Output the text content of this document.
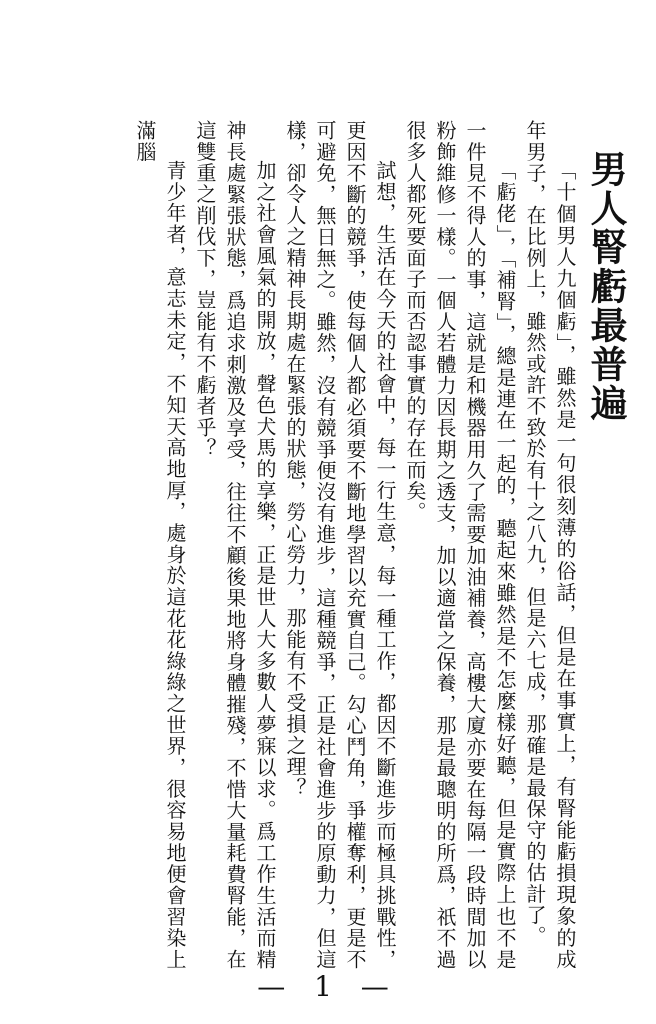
男人腎虧最普遍

「十個男人九個虧」，雖然是一句很刻薄的俗話，但是在事實上，有腎能虧損現象的成年男子，在比例上，雖然或許不致於有十之八九，但是六七成，那確是最保守的估計了。

「虧佬」，「補腎」，總是連在一起的，聽起來雖然是不怎麼樣好聽，但是實際上也不是一件見不得人的事，這就是和機器用久了需要加油補養，高樓大廈亦要在每隔一段時間加以粉飾維修一樣。一個人若體力因長期之透支，加以適當之保養，那是最聰明的所爲，祇不過很多人都死要面子而否認事實的存在而矣。

試想，生活在今天的社會中，每一行生意，每一種工作，都因不斷進步而極具挑戰性，更因不斷的競爭，使每個人都必須要不斷地學習以充實自己。勾心鬥角，爭權奪利，更是不可避免，無日無之。雖然，沒有競爭便沒有進步，這種競爭，正是社會進步的原動力，但這樣，卻令人之精神長期處在緊張的狀態，勞心勞力，那能有不受損之理？

加之社會風氣的開放，聲色犬馬的享樂，正是世人大多數人夢寐以求。爲工作生活而精神長處緊張狀態，爲追求刺激及享受，往往不顧後果地將身體摧殘，不惜大量耗費腎能，在這雙重之削伐下，豈能有不虧者乎？

青少年者，意志未定，不知天高地厚，處身於這花花綠綠之世界，很容易地便會習染上滿腦

— 1 —
